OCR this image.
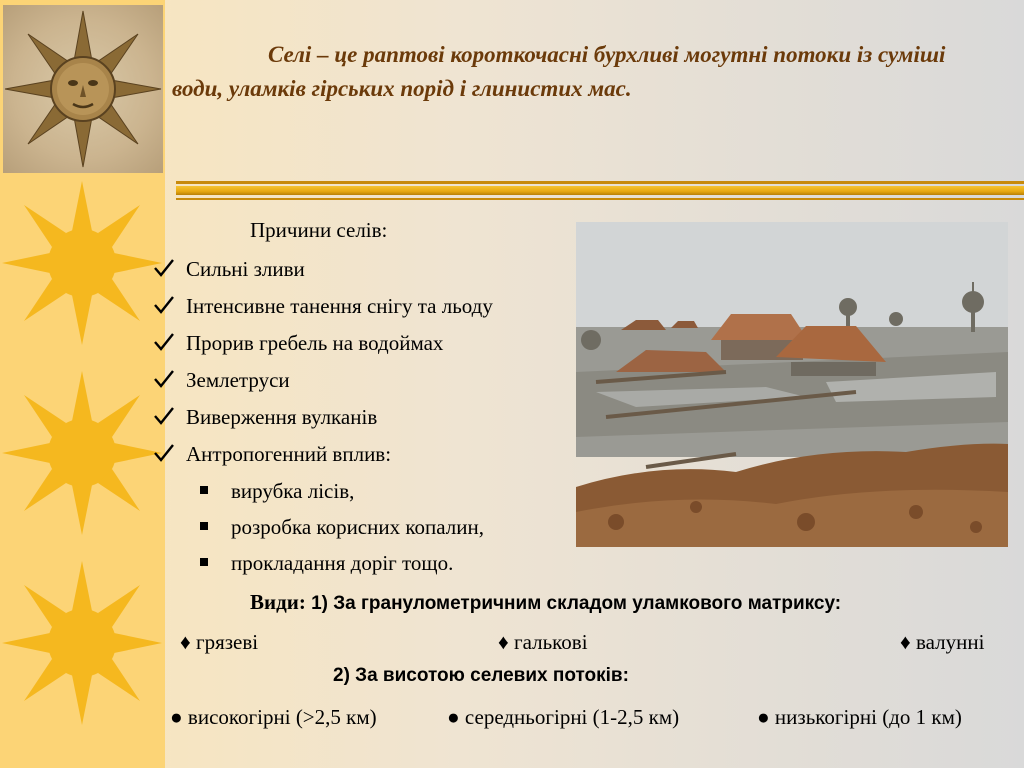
Селі – це раптові короткочасні бурхливі могутні потоки із суміші води, уламків гірських порід і глинистих мас.

Причини селів:
Сильні зливи
Інтенсивне танення снігу та льоду
Прорив гребель на водоймах
Землетруси
Виверження вулканів
Антропогенний вплив:
вирубка лісів,
розробка корисних копалин,
прокладання доріг тощо.
Види: 1) За гранулометричним складом уламкового матриксу:
♦ грязеві	♦ галькові	♦ валунні
2) За висотою селевих потоків:
● високогірні (>2,5 км)	● середньогірні (1-2,5 км)	● низькогірні (до 1 км)
